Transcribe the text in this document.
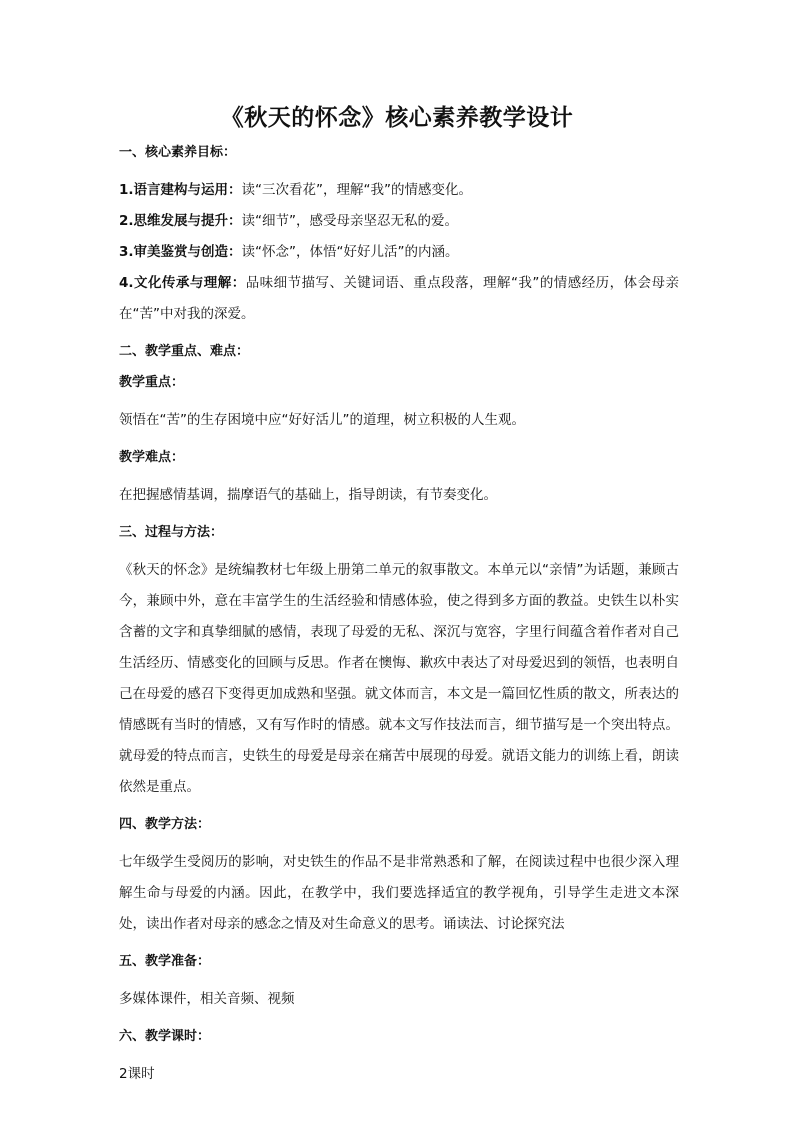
《秋天的怀念》核心素养教学设计
一、核心素养目标：
1.语言建构与运用：读“三次看花”，理解“我”的情感变化。
2.思维发展与提升：读“细节”，感受母亲坚忍无私的爱。
3.审美鉴赏与创造：读“怀念”，体悟“好好儿活”的内涵。
4.文化传承与理解：品味细节描写、关键词语、重点段落，理解“我”的情感经历，体会母亲在“苦”中对我的深爱。
二、教学重点、难点：
教学重点：
领悟在“苦”的生存困境中应“好好活儿”的道理，树立积极的人生观。
教学难点：
在把握感情基调，揣摩语气的基础上，指导朗读，有节奏变化。
三、过程与方法：
《秋天的怀念》是统编教材七年级上册第二单元的叙事散文。本单元以“亲情”为话题，兼顾古今，兼顾中外，意在丰富学生的生活经验和情感体验，使之得到多方面的教益。史铁生以朴实含蓄的文字和真挚细腻的感情，表现了母爱的无私、深沉与宽容，字里行间蕴含着作者对自己生活经历、情感变化的回顾与反思。作者在懊悔、歉疚中表达了对母爱迟到的领悟，也表明自己在母爱的感召下变得更加成熟和坚强。就文体而言，本文是一篇回忆性质的散文，所表达的情感既有当时的情感，又有写作时的情感。就本文写作技法而言，细节描写是一个突出特点。就母爱的特点而言，史铁生的母爱是母亲在痛苦中展现的母爱。就语文能力的训练上看，朗读依然是重点。
四、教学方法：
七年级学生受阅历的影响，对史铁生的作品不是非常熟悉和了解，在阅读过程中也很少深入理解生命与母爱的内涵。因此，在教学中，我们要选择适宜的教学视角，引导学生走进文本深处，读出作者对母亲的感念之情及对生命意义的思考。诵读法、讨论探究法
五、教学准备：
多媒体课件，相关音频、视频
六、教学课时：
2课时
